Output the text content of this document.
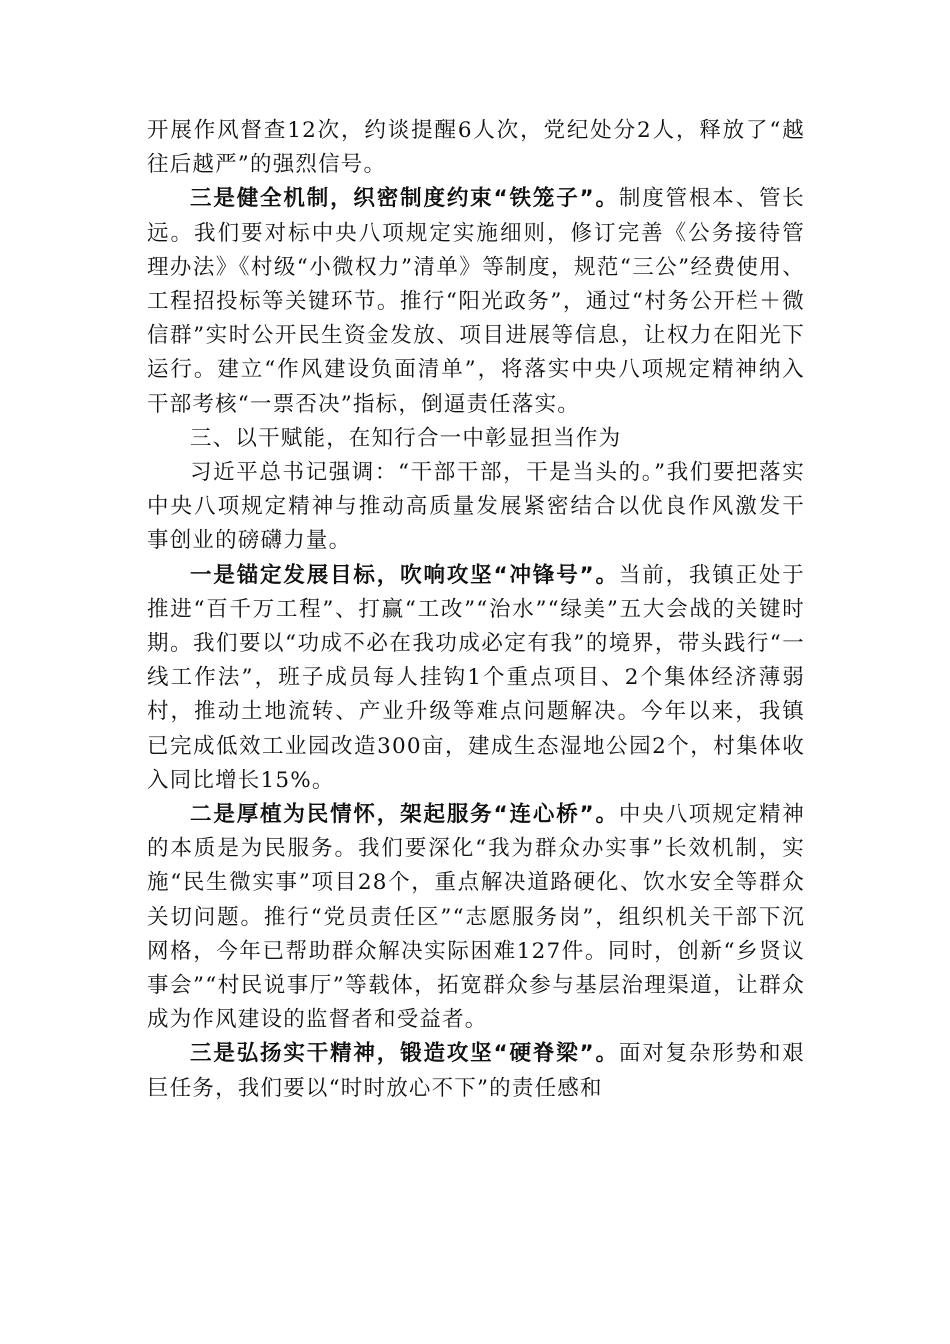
开展作风督查12次，约谈提醒6人次，党纪处分2人，释放了“越往后越严”的强烈信号。

三是健全机制，织密制度约束“铁笼子”。制度管根本、管长远。我们要对标中央八项规定实施细则，修订完善《公务接待管理办法》《村级“小微权力”清单》等制度，规范“三公”经费使用、工程招投标等关键环节。推行“阳光政务”，通过“村务公开栏＋微信群”实时公开民生资金发放、项目进展等信息，让权力在阳光下运行。建立“作风建设负面清单”，将落实中央八项规定精神纳入干部考核“一票否决”指标，倒逼责任落实。

三、以干赋能，在知行合一中彰显担当作为

习近平总书记强调：“干部干部，干是当头的。”我们要把落实中央八项规定精神与推动高质量发展紧密结合以优良作风激发干事创业的磅礴力量。

一是锚定发展目标，吹响攻坚“冲锋号”。当前，我镇正处于推进“百千万工程”、打赢“工改”“治水”“绿美”五大会战的关键时期。我们要以“功成不必在我功成必定有我”的境界，带头践行“一线工作法”，班子成员每人挂钩1个重点项目、2个集体经济薄弱村，推动土地流转、产业升级等难点问题解决。今年以来，我镇已完成低效工业园改造300亩，建成生态湿地公园2个，村集体收入同比增长15%。

二是厚植为民情怀，架起服务“连心桥”。中央八项规定精神的本质是为民服务。我们要深化“我为群众办实事”长效机制，实施“民生微实事”项目28个，重点解决道路硬化、饮水安全等群众关切问题。推行“党员责任区”“志愿服务岗”，组织机关干部下沉网格，今年已帮助群众解决实际困难127件。同时，创新“乡贤议事会”“村民说事厅”等载体，拓宽群众参与基层治理渠道，让群众成为作风建设的监督者和受益者。

三是弘扬实干精神，锻造攻坚“硬脊梁”。面对复杂形势和艰巨任务，我们要以“时时放心不下”的责任感和
